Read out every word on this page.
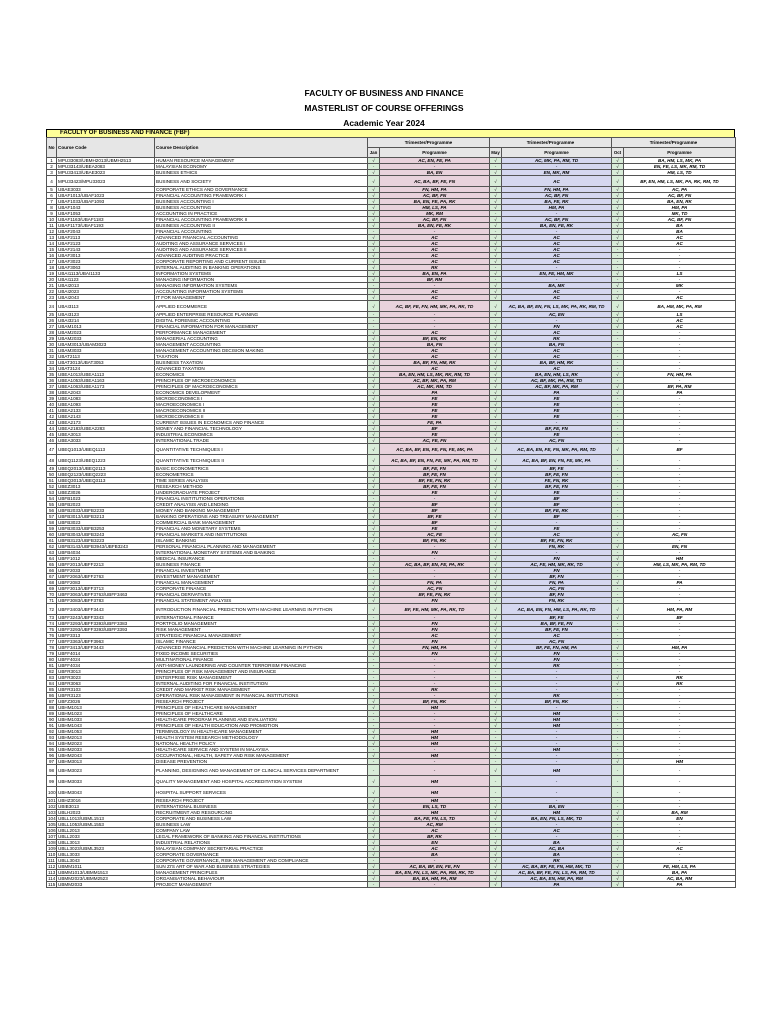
FACULTY OF BUSINESS AND FINANCE
MASTERLIST OF COURSE OFFERINGS
Academic Year 2024
FACULTY OF BUSINESS AND FINANCE (FBF)
No	Course Code	Course Description	Trimester/Programme		Trimester/Programme		Trimester/Programme	
			Jan	Programme	May	Programme	Oct	Programme
1	MPU33083/UBMH2013/UBMH2513	HUMAN RESOURCE MANAGEMENT	√	AC, EN, FE, PA	√	AC, MK, PA, RM, TD	√	BA, HM, LS, MK, PA
2	MPU33143/UBEA2083	MALAYSIAN ECONOMY	-	-	-	-	√	EN, FE, LS, MK, RM, TD
3	MPU33413/UBAE3023	BUSINESS ETHICS	√	BA, EN	√	EN, MK, RM	√	HM, LS, TD
4	MPU33423/MPU33023	BUSINESS AND SOCIETY	√	AC, BA, BF, FE, FN	√	AC	√	BF, EN, HM, LS, MK, PA, RK, RM, TD
5	UBAE3033	CORPORATE ETHICS AND GOVERNANCE	√	FN, HM, PA	√	FN, HM, PA	√	AC, PA
6	UBAF1013/UBAF1023	FINANCIAL ACCOUNTING FRAMEWORK I	√	AC, BF, FN	√	AC, BF, FN	√	AC, BF, FN
7	UBAF1033/UBAF1093	BUSINESS ACCOUNTING I	√	BA, EN, FE, PA, RK	√	BA, FE, RK	√	BA, EN, RK
8	UBAF1043	BUSINESS ACCOUNTING	√	HM, LS, PA	√	HM, PA	√	HM, PA
9	UBAF1053	ACCOUNTING IN PRACTICE	√	MK, RM	-	-	√	MK, TD
10	UBAF1163/UBAF1183	FINANCIAL ACCOUNTING FRAMEWORK II	√	AC, BF, FN	√	AC, BF, FN	√	AC, BF, FN
11	UBAF1173/UBAF1193	BUSINESS ACCOUNTING II	√	BA, EN, FE, RK	√	BA, EN, FE, RK	√	BA
12	UBAF2043	FINANCIAL ACCOUNTING	-	-	-	-	√	BA
13	UBAF2113	ADVANCED FINANCIAL ACCOUNTING	√	AC	√	AC	√	AC
14	UBAF2123	AUDITING AND ASSURANCE SERVICES I	√	AC	√	AC	√	AC
15	UBAF2143	AUDITING AND ASSURANCE SERVICES II	√	AC	√	AC	-	-
16	UBAF3013	ADVANCED AUDITING PRACTICE	√	AC	√	AC	-	-
17	UBAF3023	CORPORATE REPORTING AND CURRENT ISSUES	√	AC	√	AC	-	-
18	UBAF3063	INTERNAL AUDITING IN BANKING OPERATIONS	√	RK	-	-	-	-
19	UBAI1113/UBAI1133	INFORMATION SYSTEMS	√	BA, EN, PA	√	EN, FE, HM, MK	√	LS
20	UBAI1123	MANAGING INFORMATION	√	BF, RM	-	-	-	-
21	UBAI2013	MANAGING INFORMATION SYSTEMS	-	-	√	BA, MK	√	MK
22	UBAI2023	ACCOUNTING INFORMATION SYSTEMS	√	AC	√	AC	-	-
23	UBAI2043	IT FOR MANAGEMENT	√	AC	√	AC	√	AC
24	UBAI3113	APPLIED ECOMMERCE	√	AC, BF, FE, FN, HM, MK, PA, RK, TD	√	AC, BA, BF, EN, FN, LS, MK, PA, RK, RM, TD	√	BA, HM, MK, PA, RM
25	UBAI3123	APPLIED ENTERPRISE RESOURCE PLANNING	-	-	√	AC, EN	√	LS
26	UBAI3214	DIGITAL FORENSIC ACCOUNTING	-	-	-	-	√	AC
27	UBAM1013	FINANCIAL INFORMATION FOR MANAGEMENT	-	-	√	FN	√	AC
28	UBAM2023	PERFORMANCE MANAGEMENT	√	AC	√	AC	-	-
29	UBAM2033	MANAGERIAL ACCOUNTING	√	BF, EN, RK	√	RK	-	-
30	UBAM3013/UBAM3023	MANAGEMENT ACCOUNTING	√	BA, FN	√	BA, FN	-	-
31	UBAM3033	MANAGEMENT ACCOUNTING DECISION MAKING	√	AC	√	AC	-	-
32	UBAT2113	TAXATION	√	AC	√	AC	-	-
33	UBAT3013/UBAT3053	BUSINESS TAXATION	√	BA, BF, FN, HM, RK	√	BA, BF, HM, RK	-	-
34	UBAT3124	ADVANCED TAXATION	√	AC	√	AC	-	-
35	UBEA1013/UBEA1113	ECONOMICS	√	BA, EN, HM, LS, MK, RK, RM, TD	√	BA, EN, HM, LS, RK	√	FN, HM, PA
36	UBEA1053/UBEA1163	PRINCIPLES OF MICROECONOMICS	√	AC, BF, MK, PA, RM	√	AC, BF, MK, PA, RM, TD	-	-
37	UBEA1063/UBEA1173	PRINCIPLES OF MACROECONOMICS	√	AC, MK, RM, TD	√	AC, BF, MK, PA, RM	√	BF, PA, RM
38	UBEA2043	ECONOMICS DEVELOPMENT	√	PA	√	PA	√	PA
39	UBEA1083	MICROECONOMICS I	√	FE	√	FE	-	-
40	UBEA1093	MACROECONOMICS I	√	FE	√	FE	-	-
41	UBEA2133	MACROECONOMICS II	√	FE	√	FE	-	-
42	UBEA2143	MICROECONOMICS II	√	FE	√	FE	-	-
43	UBEA2173	CURRENT ISSUES IN ECONOMICS AND FINANCE	√	FE, PA	-	-	-	-
44	UBEA2183/UBEA2283	MONEY AND FINANCIAL TECHNOLOGY	√	BF	√	BF, FE, FN	-	-
45	UBEA3013	INDUSTRIAL ECONOMICS	√	FE	√	FE	-	-
46	UBEA3033	INTERNATIONAL TRADE	√	AC, FE, FN	√	AC, FN	-	-
47	UBEQ1013/UBEQ1113	QUANTITATIVE TECHNIQUES I	√	AC, BA, BF, EN, FE, FN, FE, MK, PA	√	AC, BA, EN, FE, FN, MK, PA, RM, TD	√	BF
48	UBEQ1123/UBEQ1223	QUANTITATIVE TECHNIQUES II	√	AC, BA, BF, EN, FN, FE, MK, PA, RM, TD	√	AC, BA, BF, EN, FN, FE, MK, PA	-	-
49	UBEQ2013/UBEQ2113	BASIC ECONOMETRICS	√	BF, FE, FN	√	BF, FE	-	-
50	UBEQ2123/UBEQ2223	ECONOMETRICS	√	BF, FE, FN	√	BF, FE, FN	-	-
51	UBEQ3013/UBEQ3113	TIME SERIES ANALYSIS	√	BF, FE, FN, RK	√	FE, FN, RK	-	-
52	UBEZ3013	RESEARCH METHOD	√	BF, FE, FN	√	BF, FE, FN	-	-
53	UBEZ3026	UNDERGRADUATE PROJECT	√	FE	√	FE	-	-
54	UBFB1023	FINANCIAL INSTITUTIONS OPERATIONS	-	-	√	BF	-	-
55	UBFB2023	CREDIT ANALYSIS AND LENDING	√	BF	√	BF	-	-
56	UBFB2033/UBFB2233	MONEY AND BANKING MANAGEMENT	√	BF	√	BF, FE, RK	-	-
57	UBFB3013/UBFB3213	BANKING OPERATIONS AND TREASURY MANAGEMENT	√	BF, FE	√	BF	-	-
58	UBFB3023	COMMERCIAL BANK MANAGEMENT	√	BF	-	-	-	-
59	UBFB3033/UBFB3253	FINANCIAL AND MONETARY SYSTEMS	√	FE	√	FE	-	-
60	UBFB3043/UBFB3243	FINANCIAL MARKETS AND INSTITUTIONS	√	AC, FE	√	AC	√	AC, FN
61	UBFB3123/UBFB3223	ISLAMIC BANKING	√	BF, FN, RK	√	BF, FE, FN, RK	-	-
62	UBFB3143/UBFB3943/UBFB3243	PERSONAL FINANCIAL PLANNING AND MANAGEMENT	-	-	√	FN, RK	√	EN, FN
63	UBFB4034	INTERNATIONAL MONETARY SYSTEMS AND BANKING	√	FN	-	-	-	-
64	UBFF1012	MEDICAL INSURANCE	-	-	√	FN	√	HM
65	UBFF2013/UBFF2213	BUSINESS FINANCE	√	AC, BA, BF, EN, FE, PA, RK	√	AC, FE, HM, MK, RK, TD	√	HM, LS, MK, PA, RM, TD
66	UBFF2033	FINANCIAL INVESTMENT	-	-	√	FN	-	-
67	UBFF2063/UBFF2763	INVESTMENT MANAGEMENT	-	-	√	BF, FN	-	-
68	UBFF2083	FINANCIAL MANAGEMENT	√	FN, PA	√	FN, PA	√	PA
69	UBFF3013/UBFF3713	CORPORATE FINANCE	√	AC, FN	√	AC, FN	-	-
70	UBFF3063/UBFF3763/UBFF3463	FINANCIAL DERIVATIVES	√	BF, FE, FN, RK	√	BF, FN	-	-
71	UBFF3083/UBFF3783	FINANCIAL STATEMENT ANALYSIS	√	FN	√	FN, RK	-	-
72	UBFF3403/UBFF3443	INTRODUCTION FINANCIAL PREDICTION WITH MACHINE LEARNING IN PYTHON	√	BF, FE, HM, MK, PA, RK, TD	√	AC, BA, EN, FN, HM, LS, PA, RK, TD	√	HM, PA, RM
73	UBFF3243/UBFF3343	INTERNATIONAL FINANCE	-	-	√	BF, FE	√	BF
74	UBFF3293/UBFF3393/UBFF3383	PORTFOLIO MANAGEMENT	√	FN	√	BA, BF, FE, FN	-	-
75	UBFF3293/UBFF3393/UBFF3393	RISK MANAGEMENT	√	FN	√	BF, FE, FN	-	-
76	UBFF3313	STRATEGIC FINANCIAL MANAGEMENT	√	AC	√	AC	-	-
77	UBFF3363/UBFF3963	ISLAMIC FINANCE	√	FN	√	AC, FN	-	-
78	UBFF3413/UBFF3443	ADVANCED FINANCIAL PREDICTION WITH MACHINE LEARNING IN PYTHON	√	FN, HM, PA	√	BF, FE, FN, HM, PA	√	HM, PA
79	UBFF4014	FIXED INCOME SECURITIES	√	FN	√	FN	-	-
80	UBFF4024	MULTINATIONAL FINANCE	-	-	√	FN	-	-
81	UBFF4034	ANTI-MONEY LAUNDERING AND COUNTER TERRORISM FINANCING	-	-	√	RK	-	-
82	UBFR3013	PRINCIPLES OF RISK MANAGEMENT AND INSURANCE	-	-	-	-	-	-
83	UBFR3023	ENTERPRISE RISK MANAGEMENT	-	-	-	-	√	RK
84	UBFR3063	INTERNAL AUDITING FOR FINANCIAL INSTITUTION	-	-	-	-	√	RK
85	UBFR3103	CREDIT AND MARKET RISK MANAGEMENT	√	RK	-	-	-	-
86	UBFR3123	OPERATIONAL RISK MANAGEMENT IN FINANCIAL INSTITUTIONS	-	-	√	RK	-	-
87	UBFZ3026	RESEARCH PROJECT	√	BF, FN, RK	√	BF, FN, RK	-	-
88	UBHM1013	PRINCIPLES OF HEALTHCARE MANAGEMENT	√	HM	-	-	-	-
89	UBHM1023	PRINCIPLES OF HEALTHCARE	-	-	√	HM	-	-
90	UBHM1033	HEALTHCARE PROGRAM PLANNING AND EVALUATION	-	-	√	HM	-	-
91	UBHM1043	PRINCIPLES OF HEALTH EDUCATION AND PROMOTION	-	-	√	HM	-	-
92	UBHM1053	TERMINOLOGY IN HEALTHCARE MANAGEMENT	√	HM	-	-	-	-
93	UBHM2013	HEALTH SYSTEM RESEARCH METHODOLOGY	√	HM	-	-	-	-
94	UBHM2023	NATIONAL HEALTH POLICY	√	HM	-	-	-	-
95	UBHM2033	HEALTHCARE SERVICE AND SYSTEM IN MALAYSIA	-	-	√	HM	-	-
96	UBHM2043	OCCUPATIONAL, HEALTH, SAFETY AND RISK MANAGEMENT	√	HM	-	-	-	-
97	UBHM3013	DISEASE PREVENTION	-	-	-	-	√	HM
98	UBHM3023	PLANNING, DESIGNING AND MANAGEMENT OF CLINICAL SERVICES DEPARTMENT	-	-	√	HM	-	-
99	UBHM3033	QUALITY MANAGEMENT AND HOSPITAL ACCREDITATION SYSTEM	√	HM	-	-	-	-
100	UBHM3043	HOSPITAL SUPPORT SERVICES	√	HM	-	-	-	-
101	UBHZ3016	RESEARCH PROJECT	√	HM	-	-	-	-
102	UBIB3013	INTERNATIONAL BUSINESS	√	EN, LS, TD	√	BA, EN	-	-
103	UBLH2023	RECRUITMENT AND RESOURCING	√	HM	√	HM	√	BA, RM
104	UBLL1013/UBML1513	CORPORATE AND BUSINESS LAW	√	BA, FE, FN, LS, TD	√	BA, EN, FN, LS, MK, TD	√	EN
105	UBLL1053/UBML1553	BUSINESS LAW	√	AC, RM	-	-	-	-
106	UBLL2013	COMPANY LAW	√	AC	√	AC	-	-
107	UBLL2033	LEGAL FRAMEWORK OF BANKING AND FINANCIAL INSTITUTIONS	√	BF, RK	-	-	-	-
108	UBLL3013	INDUSTRIAL RELATIONS	√	EN	√	BA	-	-
109	UBLL3023/UBML3523	MALAYSIAN COMPANY SECRETARIAL PRACTICE	√	AC	√	AC, BA	√	AC
110	UBLL3033	CORPORATE GOVERNANCE	√	BA	√	BA	-	-
111	UBLL3043	CORPORATE GOVERNANCE, RISK MANAGEMENT AND COMPLIANCE	-	-	√	RK	-	-
112	UBMM1011	SUN ZI'S ART OF WAR AND BUSINESS STRATEGIES	√	AC, BA, BF, EN, FE, FN	√	AC, BA, BF, FE, FN, HM, MK, TD	√	FE, HM, LS, PA
113	UBMM1013/UBMM1513	MANAGEMENT PRINCIPLES	√	BA, EN, FN, LS, MK, PA, RM, RK, TD	√	AC, BA, BF, FE, FN, LS, PA, RM, TD	√	BA, PA
114	UBMM2023/UBMM2523	ORGANISATIONAL BEHAVIOUR	√	BA, BA, HM, PA, RM	√	AC, BA, EN, HM, PA, RM	√	AC, BA, RM
115	UBMM2033	PROJECT MANAGEMENT	-	-	√	PA	√	PA
